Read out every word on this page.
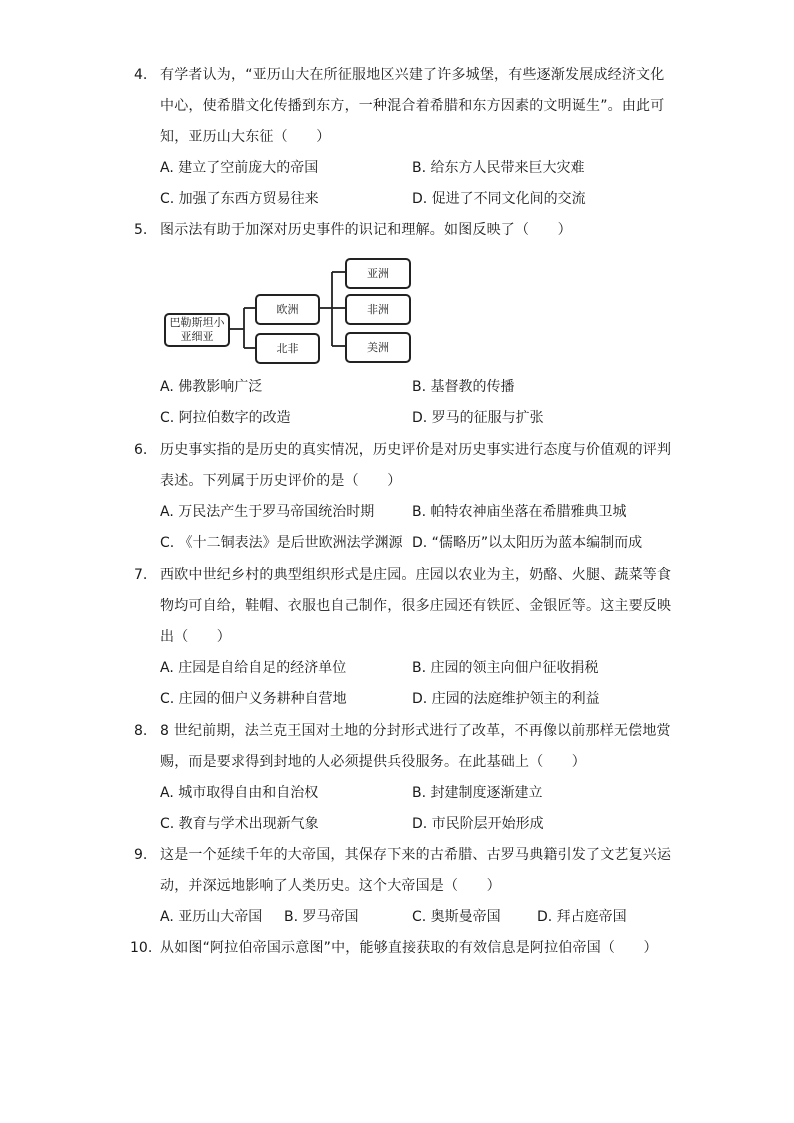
4. 有学者认为，“亚历山大在所征服地区兴建了许多城堡，有些逐渐发展成经济文化
中心，使希腊文化传播到东方，一种混合着希腊和东方因素的文明诞生”。由此可
知，亚历山大东征（　　）
A. 建立了空前庞大的帝国	B. 给东方人民带来巨大灾难
C. 加强了东西方贸易往来	D. 促进了不同文化间的交流
5. 图示法有助于加深对历史事件的识记和理解。如图反映了（　　）
巴勒斯坦小
亚细亚
欧洲
北非
亚洲
非洲
美洲
A. 佛教影响广泛	B. 基督教的传播
C. 阿拉伯数字的改造	D. 罗马的征服与扩张
6. 历史事实指的是历史的真实情况，历史评价是对历史事实进行态度与价值观的评判
表述。下列属于历史评价的是（　　）
A. 万民法产生于罗马帝国统治时期	B. 帕特农神庙坐落在希腊雅典卫城
C. 《十二铜表法》是后世欧洲法学渊源 D. “儒略历”以太阳历为蓝本编制而成
7. 西欧中世纪乡村的典型组织形式是庄园。庄园以农业为主，奶酪、火腿、蔬菜等食
物均可自给，鞋帽、衣服也自己制作，很多庄园还有铁匠、金银匠等。这主要反映
出（　　）
A. 庄园是自给自足的经济单位	B. 庄园的领主向佃户征收捐税
C. 庄园的佃户义务耕种自营地	D. 庄园的法庭维护领主的利益
8. 8 世纪前期，法兰克王国对土地的分封形式进行了改革，不再像以前那样无偿地赏
赐，而是要求得到封地的人必须提供兵役服务。在此基础上（　　）
A. 城市取得自由和自治权	B. 封建制度逐渐建立
C. 教育与学术出现新气象	D. 市民阶层开始形成
9. 这是一个延续千年的大帝国，其保存下来的古希腊、古罗马典籍引发了文艺复兴运
动，并深远地影响了人类历史。这个大帝国是（　　）
A. 亚历山大帝国 B. 罗马帝国	C. 奥斯曼帝国	D. 拜占庭帝国
10. 从如图“阿拉伯帝国示意图”中，能够直接获取的有效信息是阿拉伯帝国（　　）
